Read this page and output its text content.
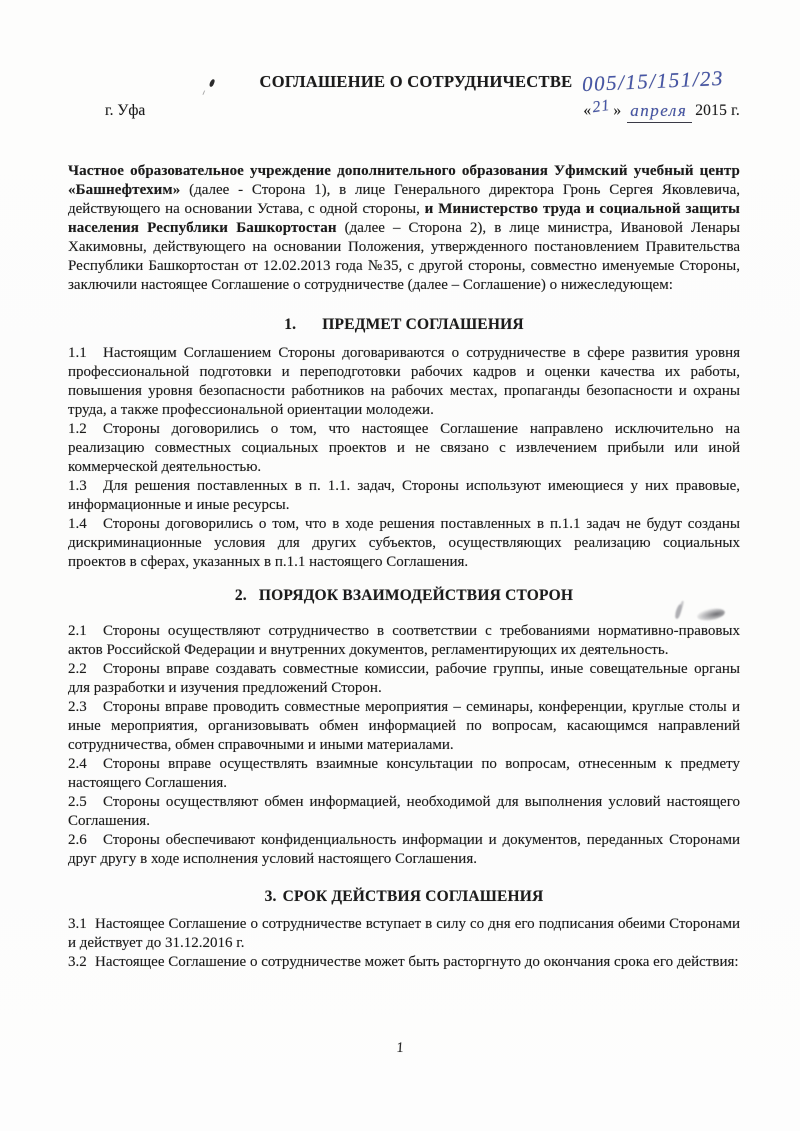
СОГЛАШЕНИЕ О СОТРУДНИЧЕСТВЕ 005/15/151/23
г. Уфа	«21» апреля 2015 г.

Частное образовательное учреждение дополнительного образования Уфимский учебный центр «Башнефтехим» (далее - Сторона 1), в лице Генерального директора Гронь Сергея Яковлевича, действующего на основании Устава, с одной стороны, и Министерство труда и социальной защиты населения Республики Башкортостан (далее – Сторона 2), в лице министра, Ивановой Ленары Хакимовны, действующего на основании Положения, утвержденного постановлением Правительства Республики Башкортостан от 12.02.2013 года №35, с другой стороны, совместно именуемые Стороны, заключили настоящее Соглашение о сотрудничестве (далее – Соглашение) о нижеследующем:

1. ПРЕДМЕТ СОГЛАШЕНИЯ

1.1 Настоящим Соглашением Стороны договариваются о сотрудничестве в сфере развития уровня профессиональной подготовки и переподготовки рабочих кадров и оценки качества их работы, повышения уровня безопасности работников на рабочих местах, пропаганды безопасности и охраны труда, а также профессиональной ориентации молодежи.

1.2 Стороны договорились о том, что настоящее Соглашение направлено исключительно на реализацию совместных социальных проектов и не связано с извлечением прибыли или иной коммерческой деятельностью.

1.3 Для решения поставленных в п. 1.1. задач, Стороны используют имеющиеся у них правовые, информационные и иные ресурсы.

1.4 Стороны договорились о том, что в ходе решения поставленных в п.1.1 задач не будут созданы дискриминационные условия для других субъектов, осуществляющих реализацию социальных проектов в сферах, указанных в п.1.1 настоящего Соглашения.

2. ПОРЯДОК ВЗАИМОДЕЙСТВИЯ СТОРОН

2.1 Стороны осуществляют сотрудничество в соответствии с требованиями нормативно-правовых актов Российской Федерации и внутренних документов, регламентирующих их деятельность.

2.2 Стороны вправе создавать совместные комиссии, рабочие группы, иные совещательные органы для разработки и изучения предложений Сторон.

2.3 Стороны вправе проводить совместные мероприятия – семинары, конференции, круглые столы и иные мероприятия, организовывать обмен информацией по вопросам, касающимся направлений сотрудничества, обмен справочными и иными материалами.

2.4 Стороны вправе осуществлять взаимные консультации по вопросам, отнесенным к предмету настоящего Соглашения.

2.5 Стороны осуществляют обмен информацией, необходимой для выполнения условий настоящего Соглашения.

2.6 Стороны обеспечивают конфиденциальность информации и документов, переданных Сторонами друг другу в ходе исполнения условий настоящего Соглашения.

3. СРОК ДЕЙСТВИЯ СОГЛАШЕНИЯ

3.1 Настоящее Соглашение о сотрудничестве вступает в силу со дня его подписания обеими Сторонами и действует до 31.12.2016 г.

3.2 Настоящее Соглашение о сотрудничестве может быть расторгнуто до окончания срока его действия:

1
